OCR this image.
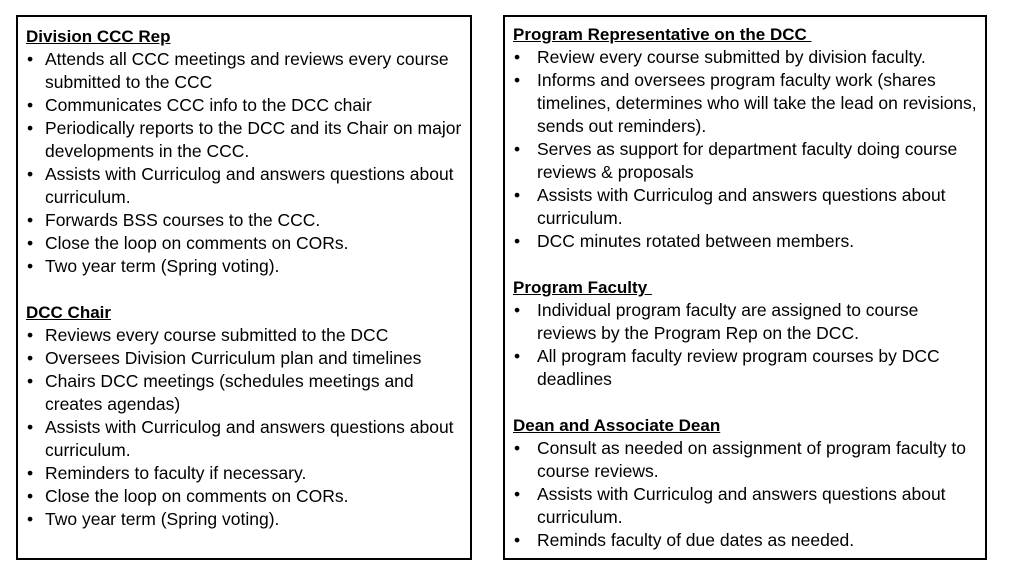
Division CCC Rep
• Attends all CCC meetings and reviews every course submitted to the CCC
• Communicates CCC info to the DCC chair
• Periodically reports to the DCC and its Chair on major developments in the CCC.
• Assists with Curriculog and answers questions about curriculum.
• Forwards BSS courses to the CCC.
• Close the loop on comments on CORs.
• Two year term (Spring voting).
DCC Chair
• Reviews every course submitted to the DCC
• Oversees Division Curriculum plan and timelines
• Chairs DCC meetings (schedules meetings and creates agendas)
• Assists with Curriculog and answers questions about curriculum.
• Reminders to faculty if necessary.
• Close the loop on comments on CORs.
• Two year term (Spring voting).
Program Representative on the DCC
• Review every course submitted by division faculty.
• Informs and oversees program faculty work (shares timelines, determines who will take the lead on revisions, sends out reminders).
• Serves as support for department faculty doing course reviews & proposals
• Assists with Curriculog and answers questions about curriculum.
• DCC minutes rotated between members.
Program Faculty
• Individual program faculty are assigned to course reviews by the Program Rep on the DCC.
• All program faculty review program courses by DCC deadlines
Dean and Associate Dean
• Consult as needed on assignment of program faculty to course reviews.
• Assists with Curriculog and answers questions about curriculum.
• Reminds faculty of due dates as needed.
